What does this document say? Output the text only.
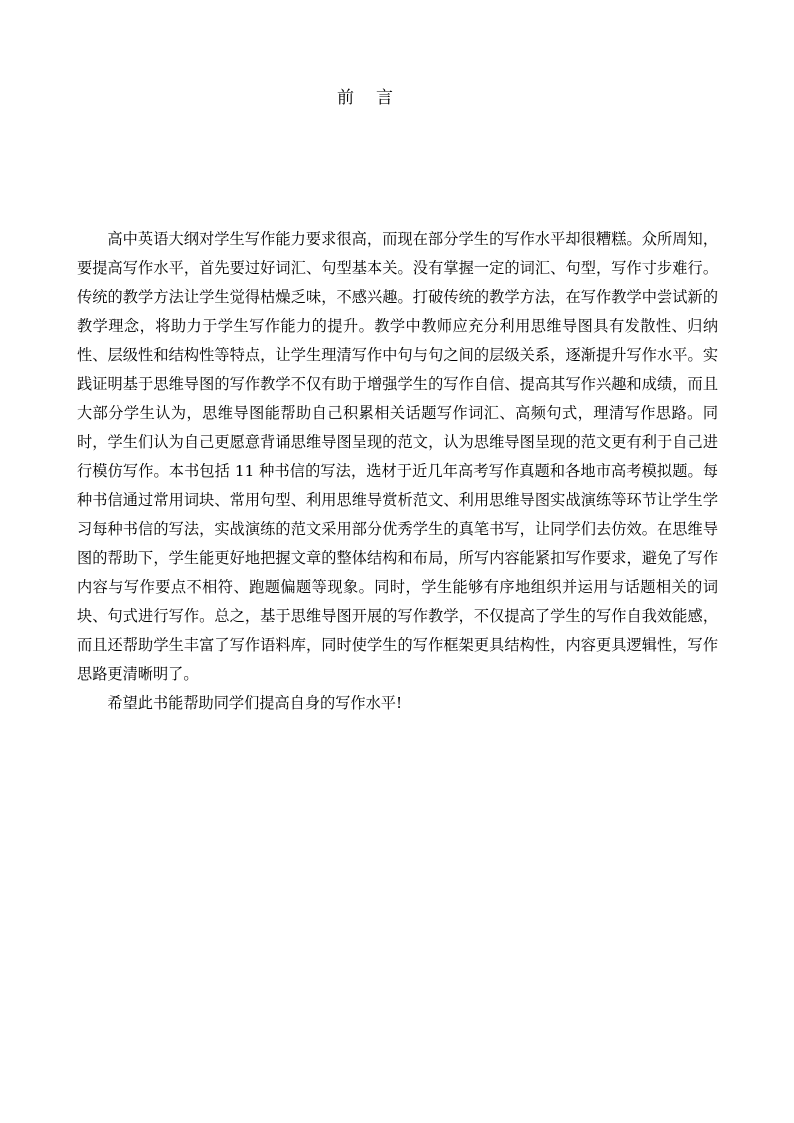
前 言

高中英语大纲对学生写作能力要求很高，而现在部分学生的写作水平却很糟糕。众所周知，要提高写作水平，首先要过好词汇、句型基本关。没有掌握一定的词汇、句型，写作寸步难行。传统的教学方法让学生觉得枯燥乏味，不感兴趣。打破传统的教学方法，在写作教学中尝试新的教学理念，将助力于学生写作能力的提升。教学中教师应充分利用思维导图具有发散性、归纳性、层级性和结构性等特点，让学生理清写作中句与句之间的层级关系，逐渐提升写作水平。实践证明基于思维导图的写作教学不仅有助于增强学生的写作自信、提高其写作兴趣和成绩，而且大部分学生认为，思维导图能帮助自己积累相关话题写作词汇、高频句式，理清写作思路。同时，学生们认为自己更愿意背诵思维导图呈现的范文，认为思维导图呈现的范文更有利于自己进行模仿写作。本书包括 11 种书信的写法，选材于近几年高考写作真题和各地市高考模拟题。每种书信通过常用词块、常用句型、利用思维导赏析范文、利用思维导图实战演练等环节让学生学习每种书信的写法，实战演练的范文采用部分优秀学生的真笔书写，让同学们去仿效。在思维导图的帮助下，学生能更好地把握文章的整体结构和布局，所写内容能紧扣写作要求，避免了写作内容与写作要点不相符、跑题偏题等现象。同时，学生能够有序地组织并运用与话题相关的词块、句式进行写作。总之，基于思维导图开展的写作教学，不仅提高了学生的写作自我效能感，而且还帮助学生丰富了写作语料库，同时使学生的写作框架更具结构性，内容更具逻辑性，写作思路更清晰明了。

希望此书能帮助同学们提高自身的写作水平!
